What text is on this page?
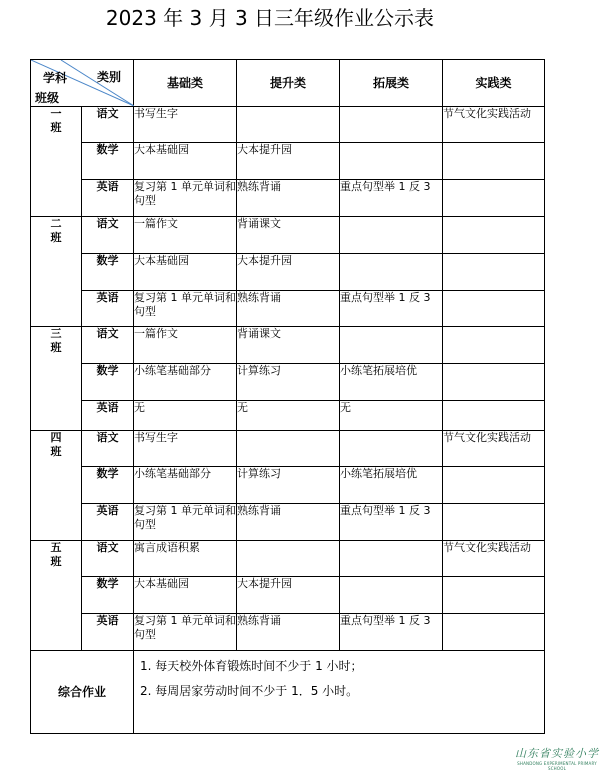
2023 年 3 月 3 日三年级作业公示表
类别
学科
班级		基础类	提升类	拓展类	实践类
一
班	语文	书写生字			节气文化实践活动
	数学	大本基础园	大本提升园		
	英语	复习第 1 单元单词和句型	熟练背诵	重点句型举 1 反 3	
二
班	语文	一篇作文	背诵课文		
	数学	大本基础园	大本提升园		
	英语	复习第 1 单元单词和句型	熟练背诵	重点句型举 1 反 3	
三
班	语文	一篇作文	背诵课文		
	数学	小练笔基础部分	计算练习	小练笔拓展培优	
	英语	无	无	无	
四
班	语文	书写生字			节气文化实践活动
	数学	小练笔基础部分	计算练习	小练笔拓展培优	
	英语	复习第 1 单元单词和句型	熟练背诵	重点句型举 1 反 3	
五
班	语文	寓言成语积累			节气文化实践活动
	数学	大本基础园	大本提升园		
	英语	复习第 1 单元单词和句型	熟练背诵	重点句型举 1 反 3	
综合作业		1. 每天校外体育锻炼时间不少于 1 小时；
2. 每周居家劳动时间不少于 1．5 小时。			
山东省实验小学
SHANDONG EXPERIMENTAL PRIMARY SCHOOL
